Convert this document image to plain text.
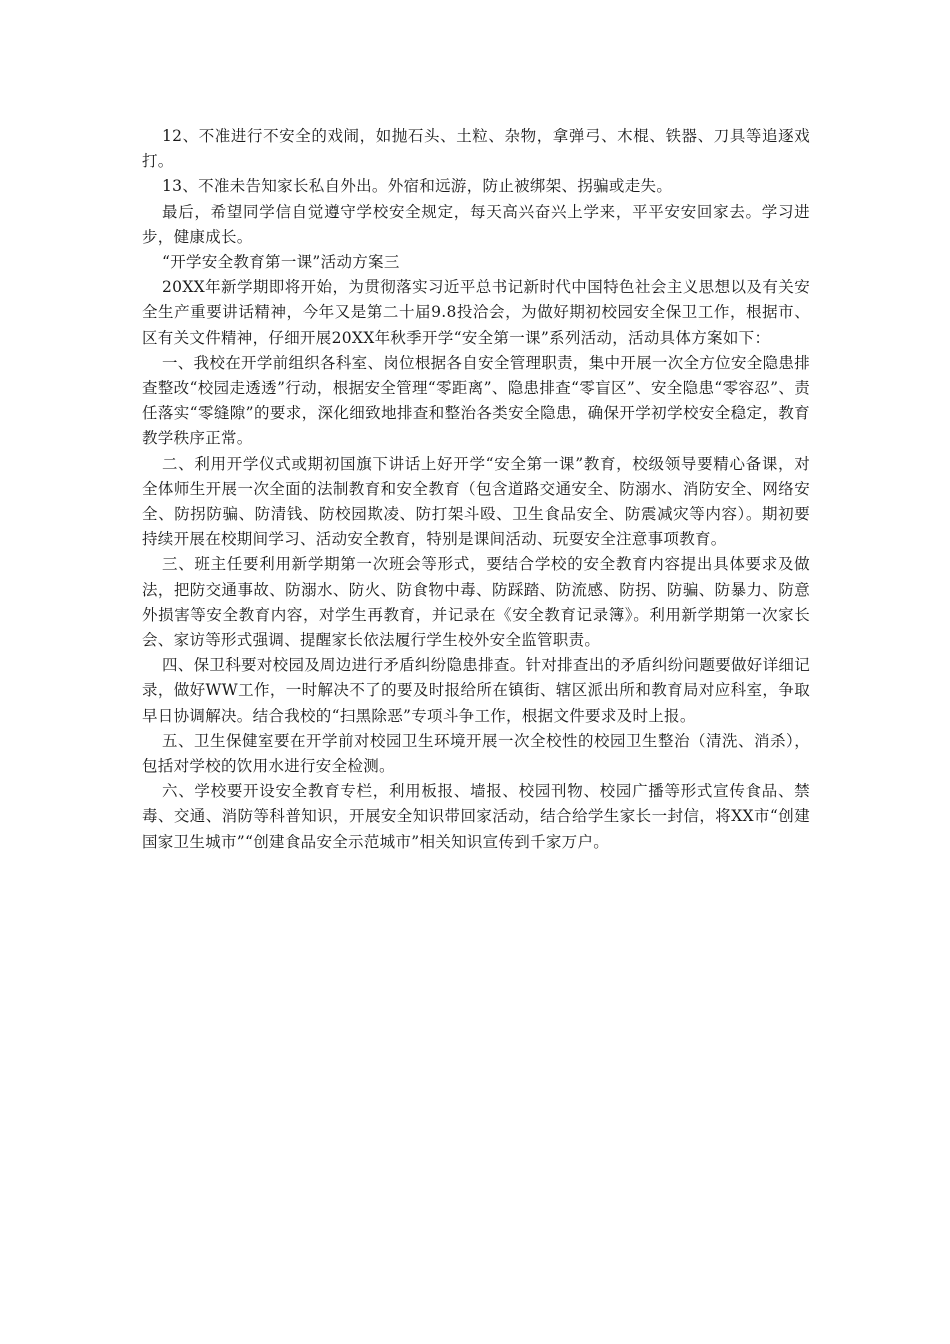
12、不准进行不安全的戏闹，如抛石头、土粒、杂物，拿弹弓、木棍、铁器、刀具等追逐戏打。

13、不准未告知家长私自外出。外宿和远游，防止被绑架、拐骗或走失。

最后，希望同学信自觉遵守学校安全规定，每天高兴奋兴上学来，平平安安回家去。学习进步，健康成长。

“开学安全教育第一课”活动方案三

20XX年新学期即将开始，为贯彻落实习近平总书记新时代中国特色社会主义思想以及有关安全生产重要讲话精神，今年又是第二十届9.8投洽会，为做好期初校园安全保卫工作，根据市、区有关文件精神，仔细开展20XX年秋季开学“安全第一课”系列活动，活动具体方案如下：

一、我校在开学前组织各科室、岗位根据各自安全管理职责，集中开展一次全方位安全隐患排查整改“校园走透透”行动，根据安全管理“零距离”、隐患排查“零盲区”、安全隐患“零容忍”、责任落实“零缝隙”的要求，深化细致地排查和整治各类安全隐患，确保开学初学校安全稳定，教育教学秩序正常。

二、利用开学仪式或期初国旗下讲话上好开学“安全第一课”教育，校级领导要精心备课，对全体师生开展一次全面的法制教育和安全教育（包含道路交通安全、防溺水、消防安全、网络安全、防拐防骗、防清钱、防校园欺凌、防打架斗殴、卫生食品安全、防震减灾等内容）。期初要持续开展在校期间学习、活动安全教育，特别是课间活动、玩耍安全注意事项教育。

三、班主任要利用新学期第一次班会等形式，要结合学校的安全教育内容提出具体要求及做法，把防交通事故、防溺水、防火、防食物中毒、防踩踏、防流感、防拐、防骗、防暴力、防意外损害等安全教育内容，对学生再教育，并记录在《安全教育记录簿》。利用新学期第一次家长会、家访等形式强调、提醒家长依法履行学生校外安全监管职责。

四、保卫科要对校园及周边进行矛盾纠纷隐患排查。针对排查出的矛盾纠纷问题要做好详细记录，做好WW工作，一时解决不了的要及时报给所在镇街、辖区派出所和教育局对应科室，争取早日协调解决。结合我校的“扫黑除恶”专项斗争工作，根据文件要求及时上报。

五、卫生保健室要在开学前对校园卫生环境开展一次全校性的校园卫生整治（清洗、消杀），包括对学校的饮用水进行安全检测。

六、学校要开设安全教育专栏，利用板报、墙报、校园刊物、校园广播等形式宣传食品、禁毒、交通、消防等科普知识，开展安全知识带回家活动，结合给学生家长一封信，将XX市“创建国家卫生城市”“创建食品安全示范城市”相关知识宣传到千家万户。
